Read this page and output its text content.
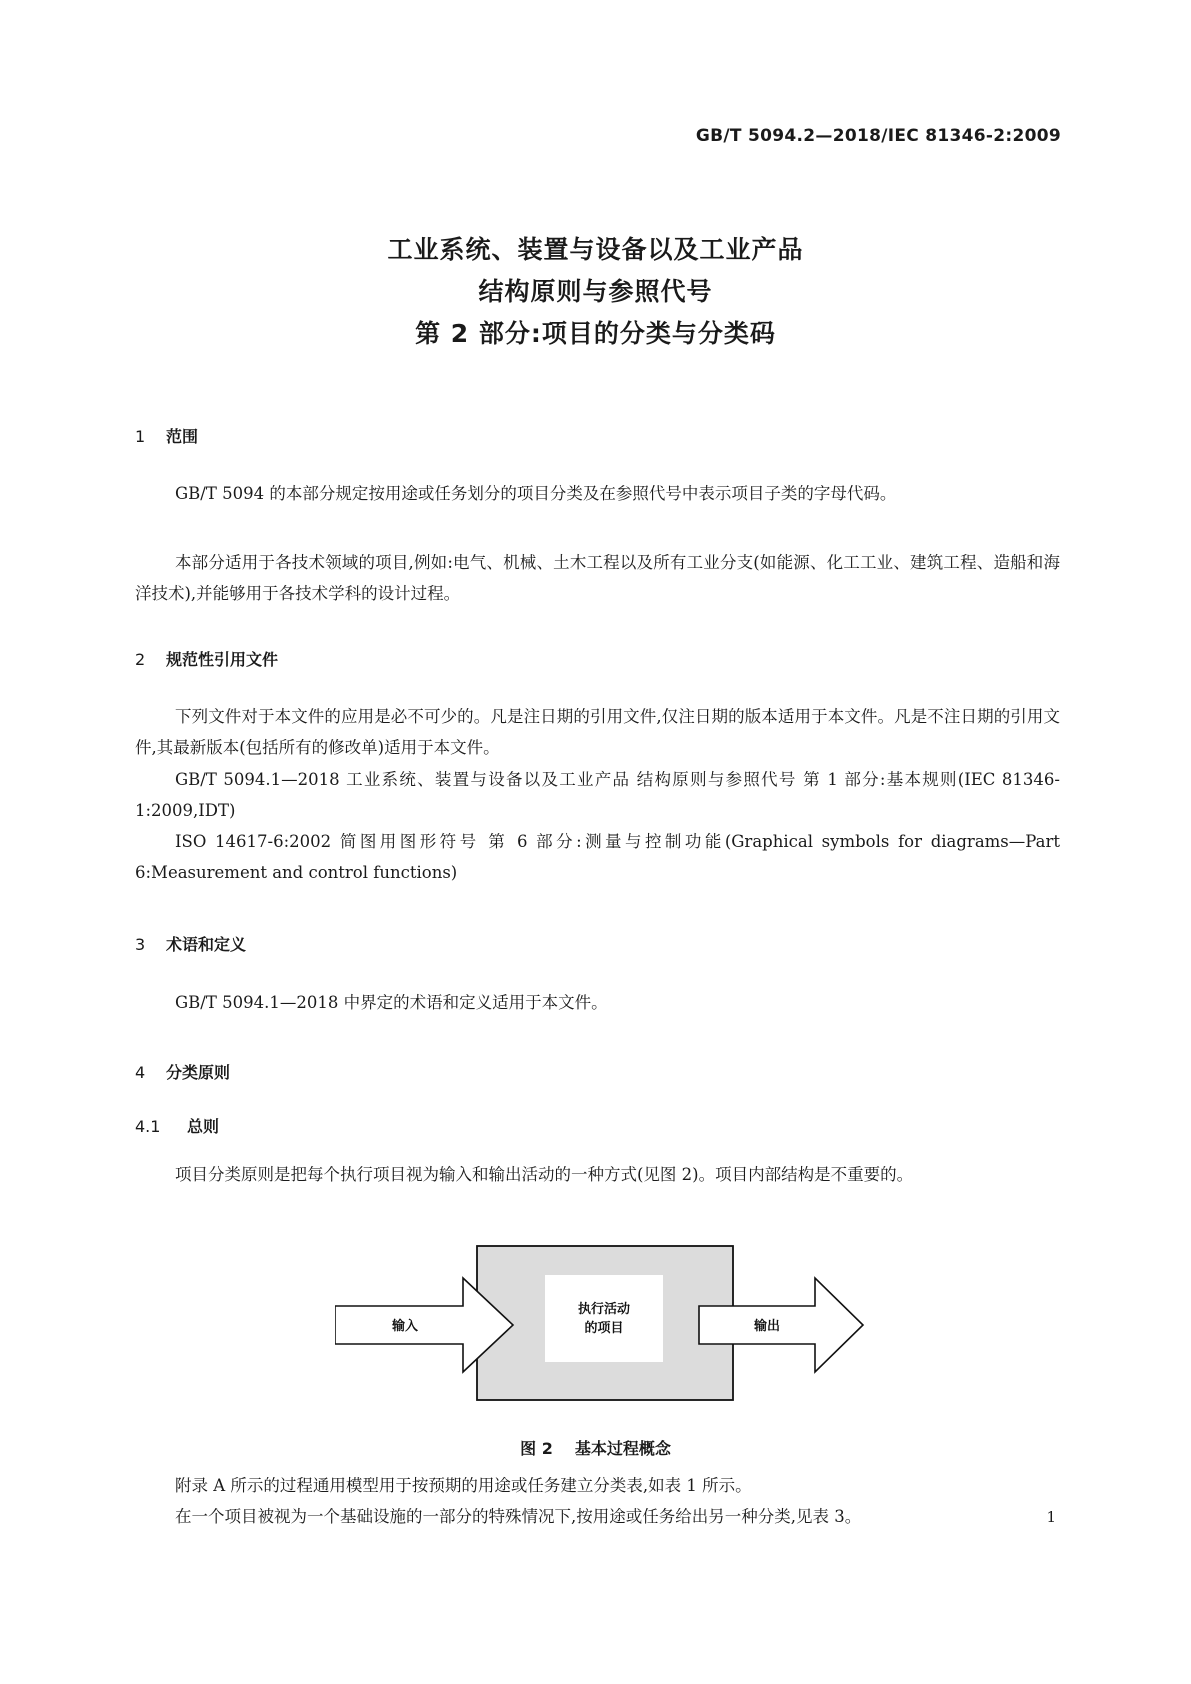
GB/T 5094.2—2018/IEC 81346-2:2009
工业系统、装置与设备以及工业产品
结构原则与参照代号
第 2 部分:项目的分类与分类码
1 范围
GB/T 5094 的本部分规定按用途或任务划分的项目分类及在参照代号中表示项目子类的字母代码。
本部分适用于各技术领域的项目,例如:电气、机械、土木工程以及所有工业分支(如能源、化工工业、建筑工程、造船和海洋技术),并能够用于各技术学科的设计过程。
2 规范性引用文件
下列文件对于本文件的应用是必不可少的。凡是注日期的引用文件,仅注日期的版本适用于本文件。凡是不注日期的引用文件,其最新版本(包括所有的修改单)适用于本文件。
GB/T 5094.1—2018 工业系统、装置与设备以及工业产品 结构原则与参照代号 第 1 部分:基本规则(IEC 81346-1:2009,IDT)
ISO 14617-6:2002 简图用图形符号 第 6 部分:测量与控制功能(Graphical symbols for diagrams—Part 6:Measurement and control functions)
3 术语和定义
GB/T 5094.1—2018 中界定的术语和定义适用于本文件。
4 分类原则
4.1 总则
项目分类原则是把每个执行项目视为输入和输出活动的一种方式(见图 2)。项目内部结构是不重要的。
执行活动
的项目
输入	输出
图 2 基本过程概念
附录 A 所示的过程通用模型用于按预期的用途或任务建立分类表,如表 1 所示。
在一个项目被视为一个基础设施的一部分的特殊情况下,按用途或任务给出另一种分类,见表 3。	1
